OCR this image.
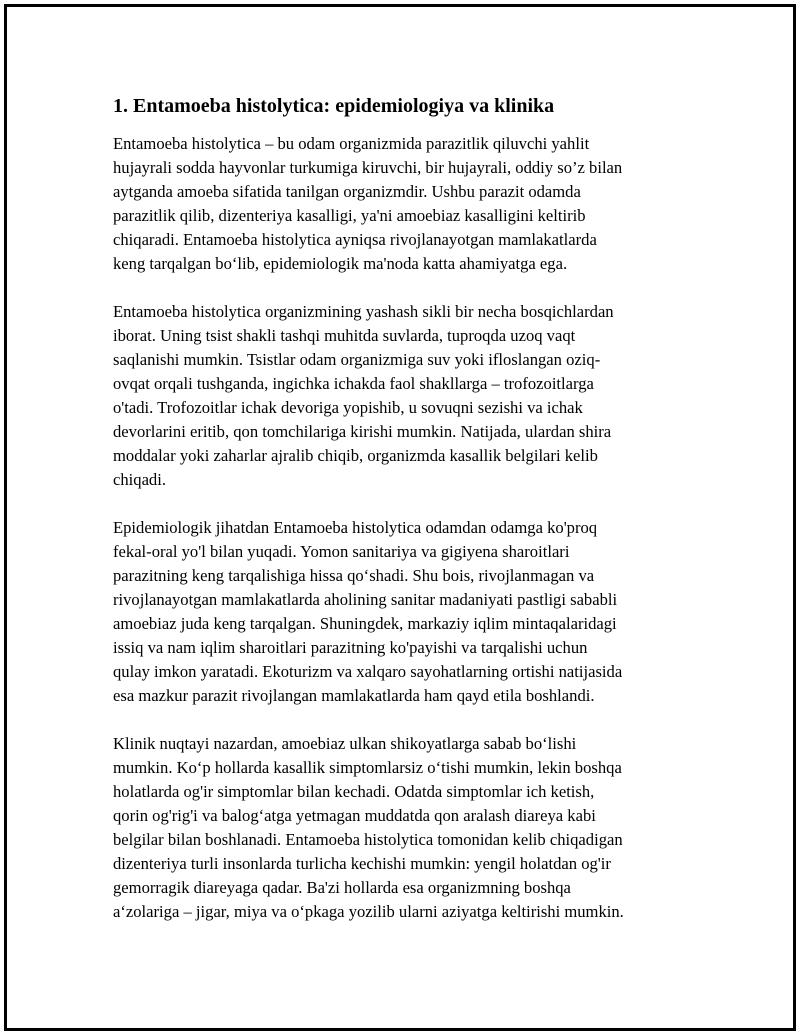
1. Entamoeba histolytica: epidemiologiya va klinika

Entamoeba histolytica – bu odam organizmida parazitlik qiluvchi yahlit
hujayrali sodda hayvonlar turkumiga kiruvchi, bir hujayrali, oddiy so’z bilan
aytganda amoeba sifatida tanilgan organizmdir. Ushbu parazit odamda
parazitlik qilib, dizenteriya kasalligi, ya'ni amoebiaz kasalligini keltirib
chiqaradi. Entamoeba histolytica ayniqsa rivojlanayotgan mamlakatlarda
keng tarqalgan bo‘lib, epidemiologik ma'noda katta ahamiyatga ega.

Entamoeba histolytica organizmining yashash sikli bir necha bosqichlardan
iborat. Uning tsist shakli tashqi muhitda suvlarda, tuproqda uzoq vaqt
saqlanishi mumkin. Tsistlar odam organizmiga suv yoki ifloslangan oziq-
ovqat orqali tushganda, ingichka ichakda faol shakllarga – trofozoitlarga
o'tadi. Trofozoitlar ichak devoriga yopishib, u sovuqni sezishi va ichak
devorlarini eritib, qon tomchilariga kirishi mumkin. Natijada, ulardan shira
moddalar yoki zaharlar ajralib chiqib, organizmda kasallik belgilari kelib
chiqadi.

Epidemiologik jihatdan Entamoeba histolytica odamdan odamga ko'proq
fekal-oral yo'l bilan yuqadi. Yomon sanitariya va gigiyena sharoitlari
parazitning keng tarqalishiga hissa qo‘shadi. Shu bois, rivojlanmagan va
rivojlanayotgan mamlakatlarda aholining sanitar madaniyati pastligi sababli
amoebiaz juda keng tarqalgan. Shuningdek, markaziy iqlim mintaqalaridagi
issiq va nam iqlim sharoitlari parazitning ko'payishi va tarqalishi uchun
qulay imkon yaratadi. Ekoturizm va xalqaro sayohatlarning ortishi natijasida
esa mazkur parazit rivojlangan mamlakatlarda ham qayd etila boshlandi.

Klinik nuqtayi nazardan, amoebiaz ulkan shikoyatlarga sabab bo‘lishi
mumkin. Ko‘p hollarda kasallik simptomlarsiz o‘tishi mumkin, lekin boshqa
holatlarda og'ir simptomlar bilan kechadi. Odatda simptomlar ich ketish,
qorin og'rig'i va balog‘atga yetmagan muddatda qon aralash diareya kabi
belgilar bilan boshlanadi. Entamoeba histolytica tomonidan kelib chiqadigan
dizenteriya turli insonlarda turlicha kechishi mumkin: yengil holatdan og'ir
gemorragik diareyaga qadar. Ba'zi hollarda esa organizmning boshqa
a‘zolariga – jigar, miya va o‘pkaga yozilib ularni aziyatga keltirishi mumkin.
